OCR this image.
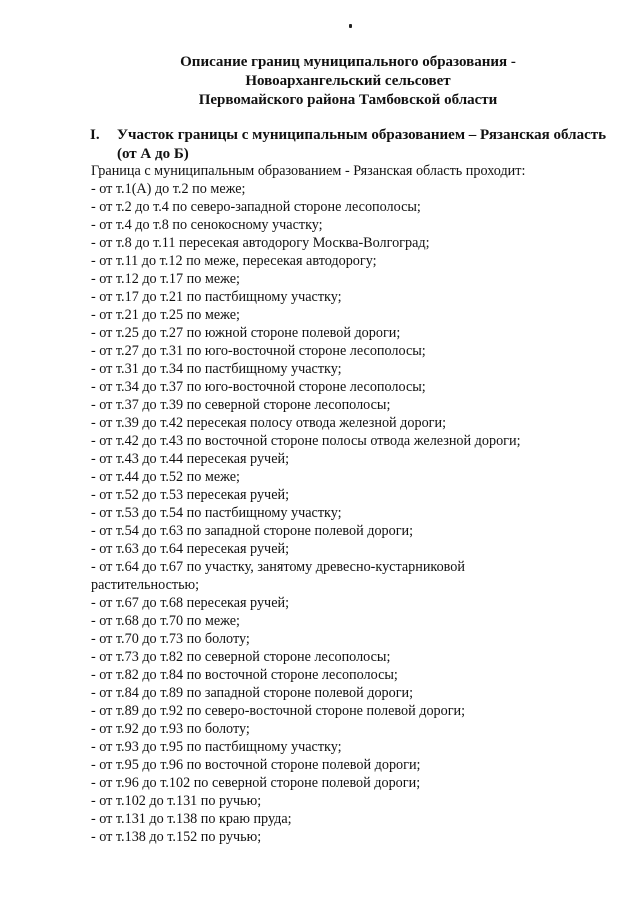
Описание границ муниципального образования -
Новоархангельский сельсовет
Первомайского района Тамбовской области
I. Участок границы с муниципальным образованием – Рязанская область (от А до Б)
Граница с муниципальным образованием - Рязанская область проходит:
- от т.1(А) до т.2 по меже;
- от т.2 до т.4 по северо-западной стороне лесополосы;
- от т.4 до т.8 по сенокосному участку;
- от т.8 до т.11 пересекая автодорогу Москва-Волгоград;
- от т.11 до т.12 по меже, пересекая автодорогу;
- от т.12 до т.17 по меже;
- от т.17 до т.21 по пастбищному участку;
- от т.21 до т.25 по меже;
- от т.25 до т.27 по южной стороне полевой дороги;
- от т.27 до т.31 по юго-восточной стороне лесополосы;
- от т.31 до т.34 по пастбищному участку;
- от т.34 до т.37 по юго-восточной стороне лесополосы;
- от т.37 до т.39 по северной стороне лесополосы;
- от т.39 до т.42 пересекая полосу отвода железной дороги;
- от т.42 до т.43 по восточной стороне полосы отвода железной дороги;
- от т.43 до т.44 пересекая ручей;
- от т.44 до т.52 по меже;
- от т.52 до т.53 пересекая ручей;
- от т.53 до т.54 по пастбищному участку;
- от т.54 до т.63 по западной стороне полевой дороги;
- от т.63 до т.64 пересекая ручей;
- от т.64 до т.67 по участку, занятому древесно-кустарниковой растительностью;
- от т.67 до т.68 пересекая ручей;
- от т.68 до т.70 по меже;
- от т.70 до т.73 по болоту;
- от т.73 до т.82 по северной стороне лесополосы;
- от т.82 до т.84 по восточной стороне лесополосы;
- от т.84 до т.89 по западной стороне полевой дороги;
- от т.89 до т.92 по северо-восточной стороне полевой дороги;
- от т.92 до т.93 по болоту;
- от т.93 до т.95 по пастбищному участку;
- от т.95 до т.96 по восточной стороне полевой дороги;
- от т.96 до т.102 по северной стороне полевой дороги;
- от т.102 до т.131 по ручью;
- от т.131 до т.138 по краю пруда;
- от т.138 до т.152 по ручью;
